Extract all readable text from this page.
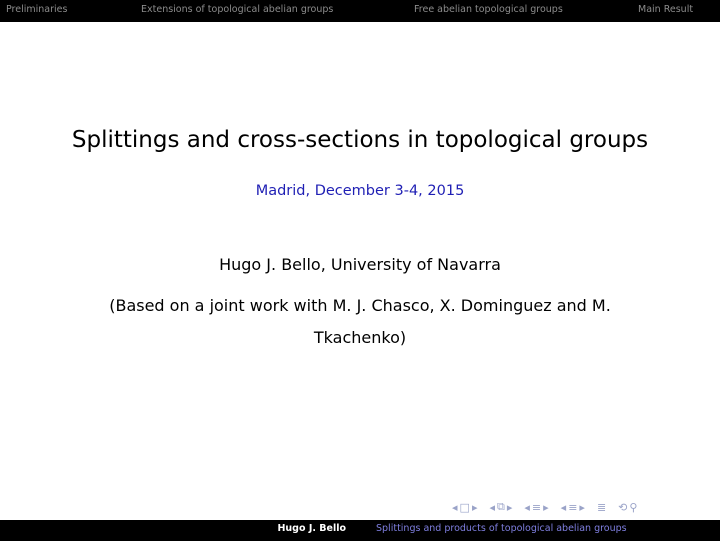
Preliminaries	Extensions of topological abelian groups	Free abelian topological groups	Main Result
Splittings and cross-sections in topological groups
Madrid, December 3-4, 2015
Hugo J. Bello, University of Navarra
(Based on a joint work with M. J. Chasco, X. Dominguez and M. Tkachenko)
◂ □ ▸ ◂ ⧉ ▸ ◂ ≡ ▸ ◂ ≡ ▸ ≣ ⟲ ⚲
Hugo J. Bello	Splittings and products of topological abelian groups
